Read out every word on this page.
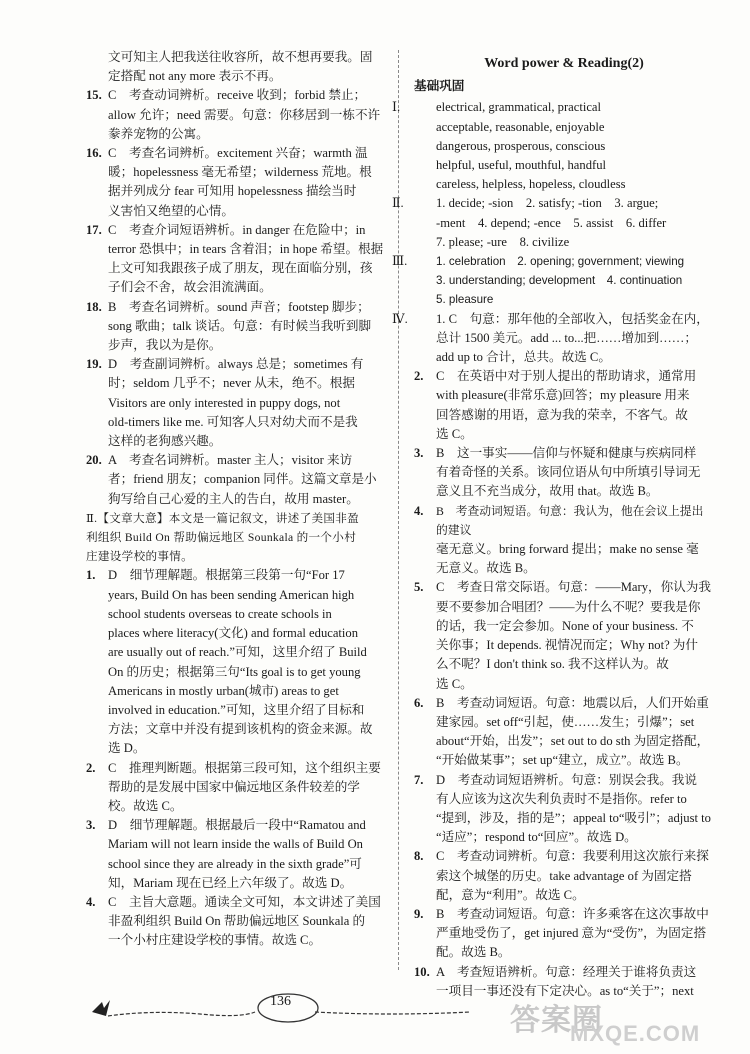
文可知主人把我送往收容所，故不想再要我。固

定搭配 not any more 表示不再。

15. C　考查动词辨析。receive 收到；forbid 禁止；

allow 允许；need 需要。句意：你移居到一栋不许

豢养宠物的公寓。

16. C　考查名词辨析。excitement 兴奋；warmth 温

暖；hopelessness 毫无希望；wilderness 荒地。根

据并列成分 fear 可知用 hopelessness 描绘当时

义害怕又绝望的心情。

17. C　考查介词短语辨析。in danger 在危险中；in

terror 恐惧中；in tears 含着泪；in hope 希望。根据

上文可知我跟孩子成了朋友，现在面临分别，孩

子们会不舍，故会泪流满面。

18. B　考查名词辨析。sound 声音；footstep 脚步；

song 歌曲；talk 谈话。句意：有时候当我听到脚

步声，我以为是你。

19. D　考查副词辨析。always 总是；sometimes 有

时；seldom 几乎不；never 从未，绝不。根据

Visitors are only interested in puppy dogs, not

old-timers like me. 可知客人只对幼犬而不是我

这样的老狗感兴趣。

20. A　考查名词辨析。master 主人；visitor 来访

者；friend 朋友；companion 同伴。这篇文章是小

狗写给自己心爱的主人的告白，故用 master。

Ⅱ.【文章大意】本文是一篇记叙文，讲述了美国非盈

利组织 Build On 帮助偏远地区 Sounkala 的一个小村

庄建设学校的事情。

1. D　细节理解题。根据第三段第一句“For 17

years, Build On has been sending American high

school students overseas to create schools in

places where literacy(文化) and formal education

are usually out of reach.”可知，这里介绍了 Build

On 的历史；根据第三句“Its goal is to get young

Americans in mostly urban(城市) areas to get

involved in education.”可知，这里介绍了目标和

方法；文章中并没有提到该机构的资金来源。故

选 D。

2. C　推理判断题。根据第三段可知，这个组织主要

帮助的是发展中国家中偏远地区条件较差的学

校。故选 C。

3. D　细节理解题。根据最后一段中“Ramatou and

Mariam will not learn inside the walls of Build On

school since they are already in the sixth grade”可

知，Mariam 现在已经上六年级了。故选 D。

4. C　主旨大意题。通读全文可知，本文讲述了美国

非盈利组织 Build On 帮助偏远地区 Sounkala 的

一个小村庄建设学校的事情。故选 C。

Word power & Reading(2)
基础巩固

Ⅰ.	electrical, grammatical, practical

acceptable, reasonable, enjoyable

dangerous, prosperous, conscious

helpful, useful, mouthful, handful

careless, helpless, hopeless, cloudless

Ⅱ.	1. decide; -sion　2. satisfy; -tion　3. argue;

-ment　4. depend; -ence　5. assist　6. differ

7. please; -ure　8. civilize

Ⅲ. 1. celebration　2. opening; government; viewing

3. understanding; development　4. continuation

5. pleasure

Ⅳ. 1. C　句意：那年他的全部收入，包括奖金在内，

总计 1500 美元。add ... to...把……增加到……；

add up to 合计，总共。故选 C。

2. C　在英语中对于别人提出的帮助请求，通常用

with pleasure(非常乐意)回答；my pleasure 用来

回答感谢的用语，意为我的荣幸，不客气。故

选 C。

3. B　这一事实——信仰与怀疑和健康与疾病同样

有着奇怪的关系。该同位语从句中所填引导词无

意义且不充当成分，故用 that。故选 B。

4. B　考查动词短语。句意：我认为，他在会议上提出的建议

毫无意义。bring forward 提出；make no sense 毫

无意义。故选 B。

5. C　考查日常交际语。句意：——Mary，你认为我

要不要参加合唱团？——为什么不呢？要我是你

的话，我一定会参加。None of your business. 不

关你事；It depends. 视情况而定；Why not? 为什

么不呢？I don't think so. 我不这样认为。故

选 C。

6. B　考查动词短语。句意：地震以后，人们开始重

建家园。set off“引起，使……发生；引爆”；set

about“开始，出发”；set out to do sth 为固定搭配，

“开始做某事”；set up“建立，成立”。故选 B。

7. D　考查动词短语辨析。句意：别误会我。我说

有人应该为这次失利负责时不是指你。refer to

“提到，涉及，指的是”；appeal to“吸引”；adjust to

“适应”；respond to“回应”。故选 D。

8. C　考查动词辨析。句意：我要利用这次旅行来探

索这个城堡的历史。take advantage of 为固定搭

配，意为“利用”。故选 C。

9. B　考查动词短语。句意：许多乘客在这次事故中

严重地受伤了，get injured 意为“受伤”，为固定搭

配。故选 B。

10. A　考查短语辨析。句意：经理关于谁将负责这

一项目一事还没有下定决心。as to“关于”；next

136
答案圈
MXQE.COM
